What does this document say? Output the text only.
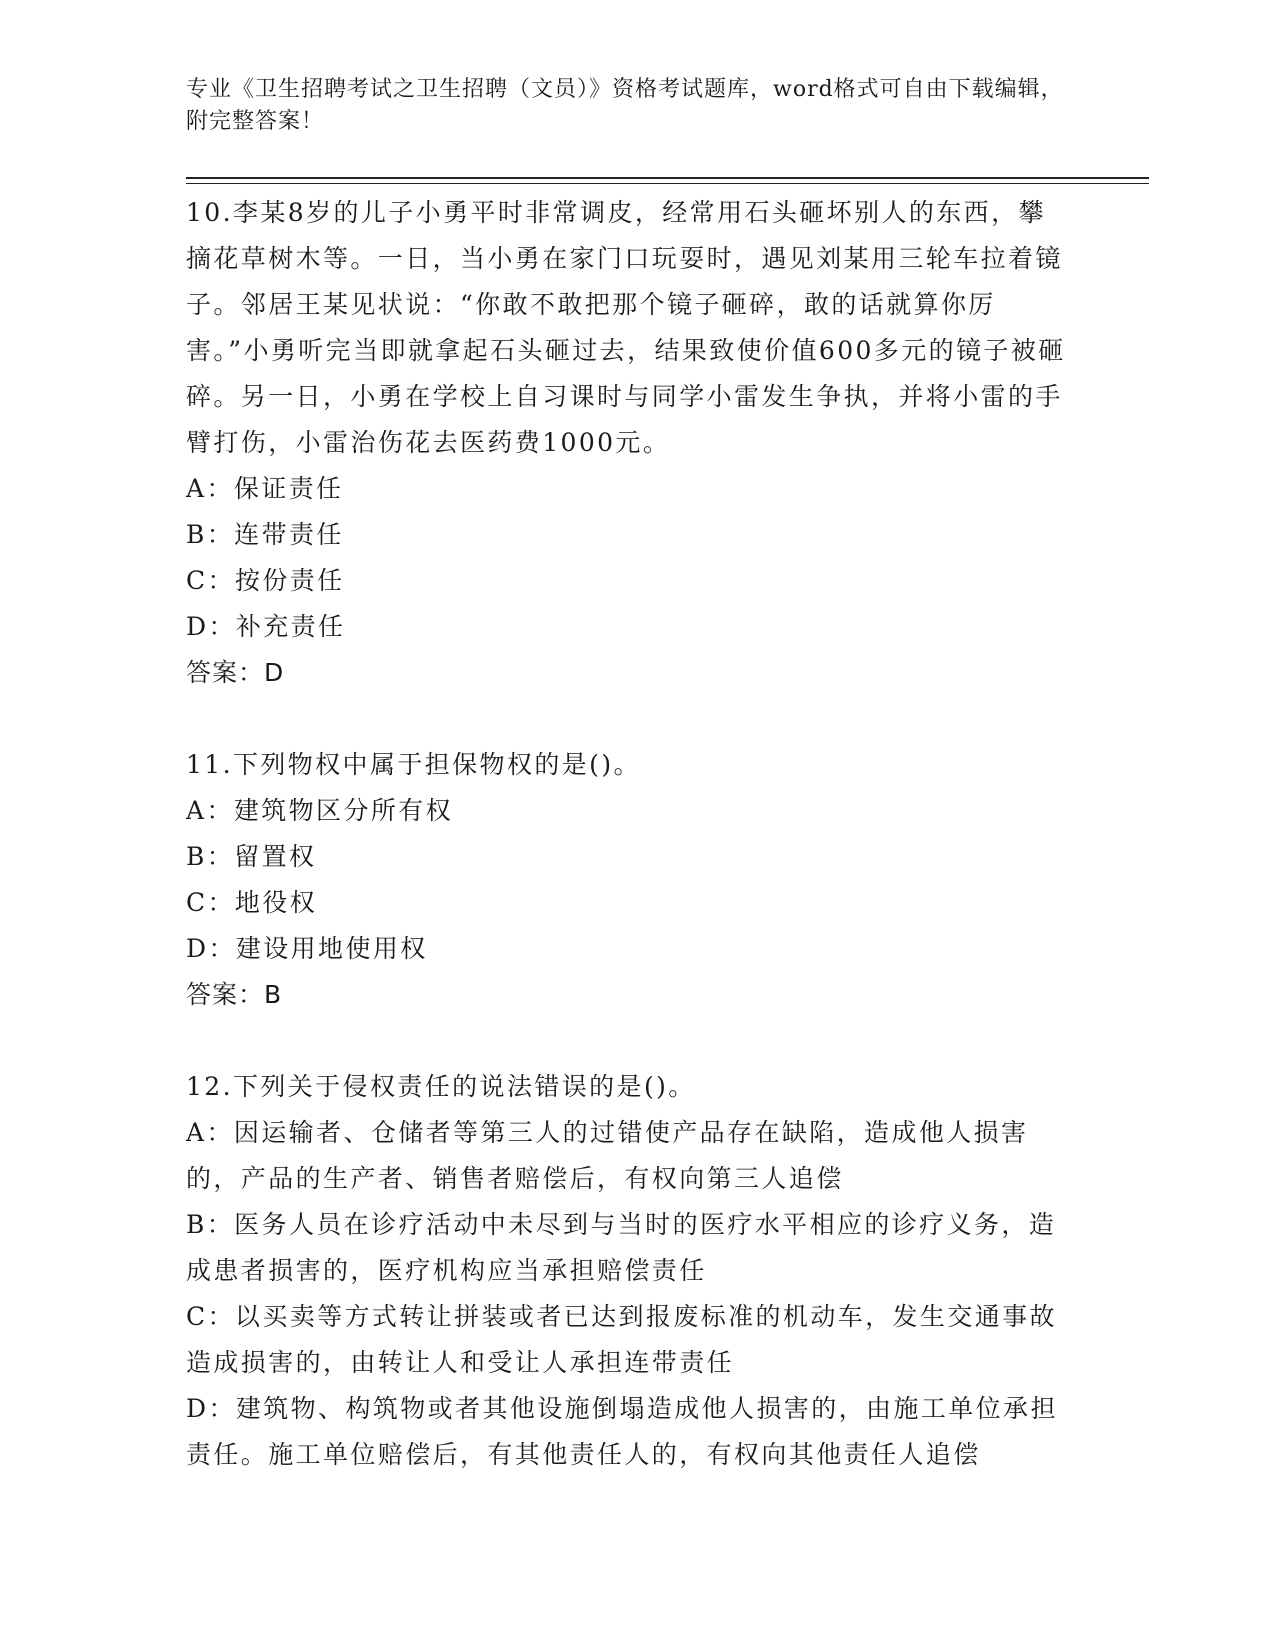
专业《卫生招聘考试之卫生招聘（文员）》资格考试题库，word格式可自由下载编辑，附完整答案！

10.李某8岁的儿子小勇平时非常调皮，经常用石头砸坏别人的东西，攀摘花草树木等。一日，当小勇在家门口玩耍时，遇见刘某用三轮车拉着镜子。邻居王某见状说：“你敢不敢把那个镜子砸碎，敢的话就算你厉害。”小勇听完当即就拿起石头砸过去，结果致使价值600多元的镜子被砸碎。另一日，小勇在学校上自习课时与同学小雷发生争执，并将小雷的手臂打伤，小雷治伤花去医药费1000元。

A：保证责任

B：连带责任

C：按份责任

D：补充责任

答案：D

11.下列物权中属于担保物权的是()。

A：建筑物区分所有权

B：留置权

C：地役权

D：建设用地使用权

答案：B

12.下列关于侵权责任的说法错误的是()。

A：因运输者、仓储者等第三人的过错使产品存在缺陷，造成他人损害的，产品的生产者、销售者赔偿后，有权向第三人追偿

B：医务人员在诊疗活动中未尽到与当时的医疗水平相应的诊疗义务，造成患者损害的，医疗机构应当承担赔偿责任

C：以买卖等方式转让拼装或者已达到报废标准的机动车，发生交通事故造成损害的，由转让人和受让人承担连带责任

D：建筑物、构筑物或者其他设施倒塌造成他人损害的，由施工单位承担责任。施工单位赔偿后，有其他责任人的，有权向其他责任人追偿
